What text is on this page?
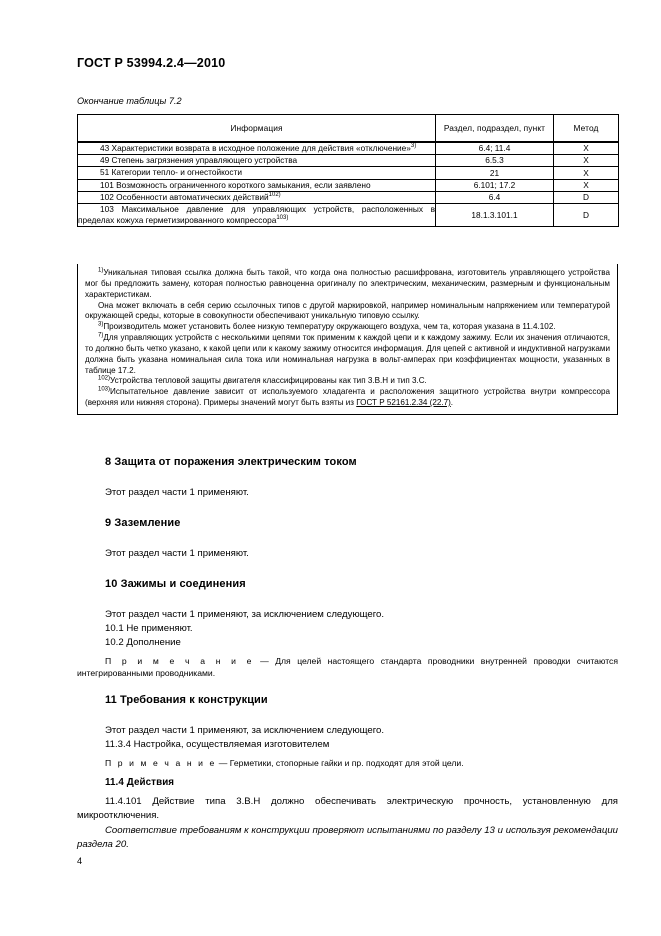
ГОСТ Р 53994.2.4—2010
Окончание таблицы 7.2
Информация	Раздел, подраздел, пункт	Метод
43 Характеристики возврата в исходное положение для действия «отключение»$^{3)}$	6.4; 11.4	X
49 Степень загрязнения управляющего устройства	6.5.3	X
51 Категории тепло- и огнестойкости	21	X
101 Возможность ограниченного короткого замыкания, если заявлено	6.101; 17.2	X
102 Особенности автоматических действий$^{102)}$	6.4	D
103 Максимальное давление для управляющих устройств, расположенных в пределах кожуха герметизированного компрессора$^{103)}$	18.1.3.101.1	D

$^{1)}$Уникальная типовая ссылка должна быть такой, что когда она полностью расшифрована, изготовитель управляющего устройства мог бы предложить замену, которая полностью равноценна оригиналу по электрическим, механическим, размерным и функциональным характеристикам.

Она может включать в себя серию ссылочных типов с другой маркировкой, например номинальным напряжением или температурой окружающей среды, которые в совокупности обеспечивают уникальную типовую ссылку.

$^{3)}$Производитель может установить более низкую температуру окружающего воздуха, чем та, которая указана в 11.4.102.

$^{7)}$Для управляющих устройств с несколькими цепями ток применим к каждой цепи и к каждому зажиму. Если их значения отличаются, то должно быть четко указано, к какой цепи или к какому зажиму относится информация. Для цепей с активной и индуктивной нагрузками должна быть указана номинальная сила тока или номинальная нагрузка в вольт-амперах при коэффициентах мощности, указанных в таблице 17.2.

$^{102)}$Устройства тепловой защиты двигателя классифицированы как тип 3.В.Н и тип 3.С.

$^{103)}$Испытательное давление зависит от используемого хладагента и расположения защитного устройства внутри компрессора (верхняя или нижняя сторона). Примеры значений могут быть взяты из ГОСТ Р 52161.2.34 (22.7).

8 Защита от поражения электрическим током
Этот раздел части 1 применяют.
9 Заземление
Этот раздел части 1 применяют.
10 Зажимы и соединения
Этот раздел части 1 применяют, за исключением следующего.
10.1 Не применяют.
10.2 Дополнение
П р и м е ч а н и е — Для целей настоящего стандарта проводники внутренней проводки считаются интегрированными проводниками.
11 Требования к конструкции
Этот раздел части 1 применяют, за исключением следующего.
11.3.4 Настройка, осуществляемая изготовителем
П р и м е ч а н и е — Герметики, стопорные гайки и пр. подходят для этой цели.
11.4 Действия
11.4.101 Действие типа 3.В.Н должно обеспечивать электрическую прочность, установленную для микроотключения.
Соответствие требованиям к конструкции проверяют испытаниями по разделу 13 и используя рекомендации раздела 20.
4
